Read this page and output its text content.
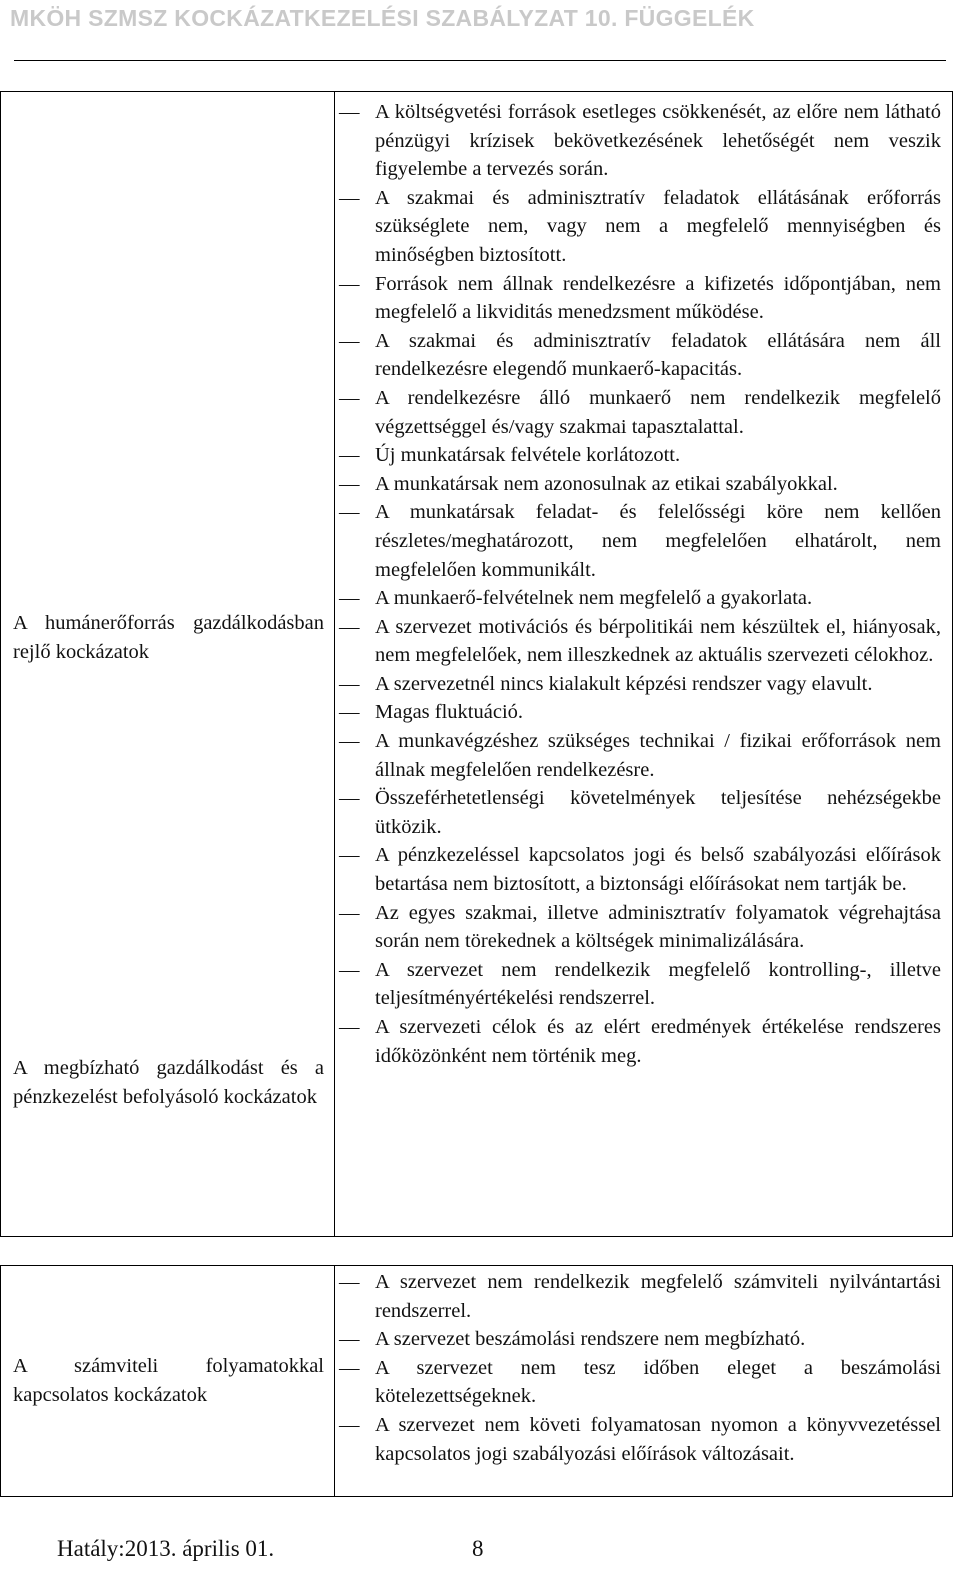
MKÖH SZMSZ KOCKÁZATKEZELÉSI SZABÁLYZAT 10. FÜGGELÉK
A humánerőforrás gazdálkodásban rejlő kockázatok
A megbízható gazdálkodást és a pénzkezelést befolyásoló kockázatok
— A költségvetési források esetleges csökkenését, az előre nem látható pénzügyi krízisek bekövetkezésének lehetőségét nem veszik figyelembe a tervezés során.
— A szakmai és adminisztratív feladatok ellátásának erőforrás szükséglete nem, vagy nem a megfelelő mennyiségben és minőségben biztosított.
— Források nem állnak rendelkezésre a kifizetés időpontjában, nem megfelelő a likviditás menedzsment működése.
— A szakmai és adminisztratív feladatok ellátására nem áll rendelkezésre elegendő munkaerő-kapacitás.
— A rendelkezésre álló munkaerő nem rendelkezik megfelelő végzettséggel és/vagy szakmai tapasztalattal.
— Új munkatársak felvétele korlátozott.
— A munkatársak nem azonosulnak az etikai szabályokkal.
— A munkatársak feladat- és felelősségi köre nem kellően részletes/meghatározott, nem megfelelően elhatárolt, nem megfelelően kommunikált.
— A munkaerő-felvételnek nem megfelelő a gyakorlata.
— A szervezet motivációs és bérpolitikái nem készültek el, hiányosak, nem megfelelőek, nem illeszkednek az aktuális szervezeti célokhoz.
— A szervezetnél nincs kialakult képzési rendszer vagy elavult.
— Magas fluktuáció.
— A munkavégzéshez szükséges technikai / fizikai erőforrások nem állnak megfelelően rendelkezésre.
— Összeférhetetlenségi követelmények teljesítése nehézségekbe ütközik.
— A pénzkezeléssel kapcsolatos jogi és belső szabályozási előírások betartása nem biztosított, a biztonsági előírásokat nem tartják be.
— Az egyes szakmai, illetve adminisztratív folyamatok végrehajtása során nem törekednek a költségek minimalizálására.
— A szervezet nem rendelkezik megfelelő kontrolling-, illetve teljesítményértékelési rendszerrel.
— A szervezeti célok és az elért eredmények értékelése rendszeres időközönként nem történik meg.
A számviteli folyamatokkal kapcsolatos kockázatok
— A szervezet nem rendelkezik megfelelő számviteli nyilvántartási rendszerrel.
— A szervezet beszámolási rendszere nem megbízható.
— A szervezet nem tesz időben eleget a beszámolási kötelezettségeknek.
— A szervezet nem követi folyamatosan nyomon a könyvvezetéssel kapcsolatos jogi szabályozási előírások változásait.
Hatály:2013. április 01.	8
